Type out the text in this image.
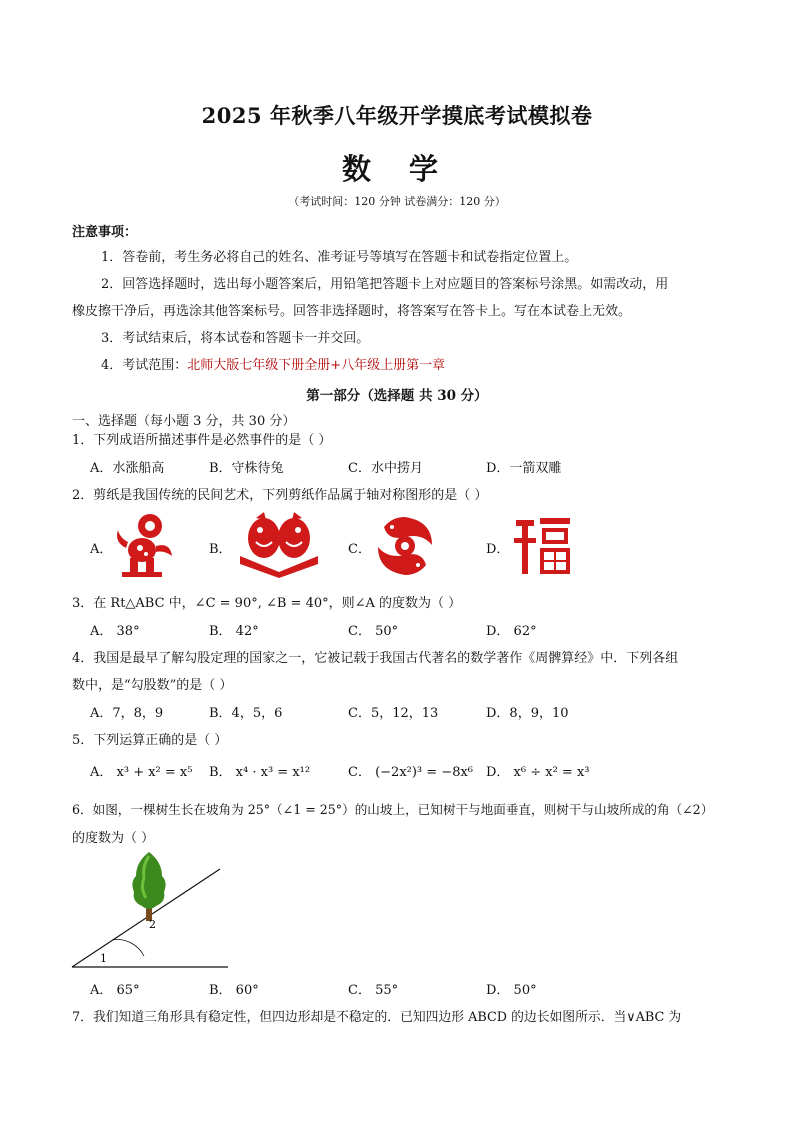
2025 年秋季八年级开学摸底考试模拟卷
数 学
（考试时间：120 分钟 试卷满分：120 分）
注意事项：
1．答卷前，考生务必将自己的姓名、准考证号等填写在答题卡和试卷指定位置上。
2．回答选择题时，选出每小题答案后，用铅笔把答题卡上对应题目的答案标号涂黑。如需改动，用
橡皮擦干净后，再选涂其他答案标号。回答非选择题时，将答案写在答卡上。写在本试卷上无效。
3．考试结束后，将本试卷和答题卡一并交回。
4．考试范围：北师大版七年级下册全册+八年级上册第一章
第一部分（选择题 共 30 分）
一、选择题（每小题 3 分，共 30 分）
1．下列成语所描述事件是必然事件的是（ ）
A．水涨船高	B．守株待兔	C．水中捞月	D．一箭双雕
2．剪纸是我国传统的民间艺术，下列剪纸作品属于轴对称图形的是（ ）
A．	B．	C．	D．
3．在 Rt△ABC 中，∠C = 90°, ∠B = 40°，则∠A 的度数为（ ）
A． 38°	B． 42°	C． 50°	D． 62°
4．我国是最早了解勾股定理的国家之一，它被记载于我国古代著名的数学著作《周髀算经》中．下列各组
数中，是“勾股数”的是（ ）
A．7，8，9	B．4，5，6	C．5，12，13	D．8，9，10
5．下列运算正确的是（ ）
A． x³ + x² = x⁵ B． x⁴ · x³ = x¹²	C． (−2x²)³ = −8x⁶ D． x⁶ ÷ x² = x³
6．如图，一棵树生长在坡角为 25°（∠1 = 25°）的山坡上，已知树干与地面垂直，则树干与山坡所成的角（∠2）
的度数为（ ）
1
2
A． 65°	B． 60°	C． 55°	D． 50°
7．我们知道三角形具有稳定性，但四边形却是不稳定的．已知四边形 ABCD 的边长如图所示．当∨ABC 为
